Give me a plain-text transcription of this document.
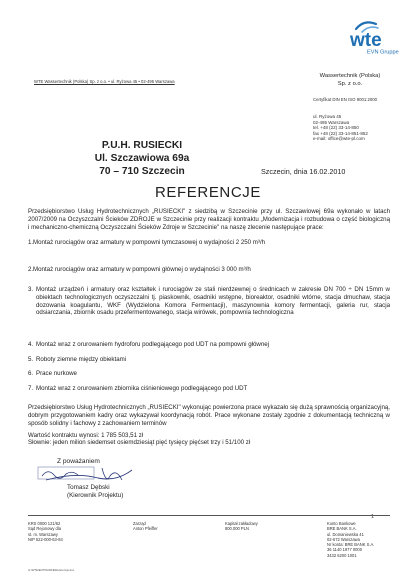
WTE Wassertechnik (Polska) Sp. z o.o. • ul. Ryżowa 45 • 02-495 Warszawa
wte
EVN Gruppe
Wassertechnik (Polska)
Sp. z o.o.
Certyfikat DIN EN ISO 9001:2000
ul. Ryżowa 45
02-495 Warszawa
tel. +48 (22) 33-14-850
fax +48 (22) 33-14-851-852
e-mail: office@wte-pl.com
P.U.H. RUSIECKI
Ul. Szczawiowa 69a
70 – 710 Szczecin	Szczecin, dnia 16.02.2010
REFERENCJE
Przedsiębiorstwo Usług Hydrotechnicznych „RUSIECKI" z siedzibą w Szczecinie przy ul. Szczawiowej 69a wykonało w latach 2007/2009 na Oczyszczalni Ścieków ZDROJE w Szczecinie przy realizacji kontraktu „Modernizacja i rozbudowa o część biologiczną i mechaniczno-chemiczną Oczyszczalni Ścieków Zdroje w Szczecinie" na naszę zlecenie następujące prace:
1. Montaż rurociągów oraz armatury w pompowni tymczasowej o wydajności 2 250 m³/h
2. Montaż rurociągów oraz armatury w pompowni głównej o wydajności 3 000 m³/h
3. Montaż urządzeń i armatury oraz kształtek i rurociągów ze stali nierdzewnej o średnicach w zakresie DN 700 ÷ DN 15mm w obiektach technologicznych oczyszczalni tj. piaskownik, osadniki wstępne, bioreaktor, osadniki wtórne, stacja dmuchaw, stacja dozowania koagulantu, WKF (Wydzielona Komora Fermentacji), maszynownia komory fermentacji, galeria rur, stacja odsiarczania, zbiornik osadu przefermentowanego, stacja wirówek, pompownia technologiczna
4. Montaż wraz z orurowaniem hydroforu podlegającego pod UDT na pompowni głównej
5. Roboty ziemne między obiektami
6. Prace nurkowe
7. Montaż wraz z orurowaniem zbiornika ciśnieniowego podlegającego pod UDT
Przedsiębiorstwo Usług Hydrotechnicznych „RUSIECKI" wykonując powierzona prace wykazało się dużą sprawnością organizacyjną, dobrym przygotowaniem kadry oraz wykazywał koordynacją robót. Prace wykonane zostały zgodnie z dokumentacją techniczną w sposób solidny i fachowy z zachowaniem terminów
Wartość kontraktu wynosi: 1 785 503,51 zł
Słownie: jeden milion siedemset osiemdziesiąt pięć tysięcy pięćset trzy i 51/100 zł
Z poważaniem
Tomasz Dębski
(Kierownik Projektu)
1
KRS 0000 121/62
Sąd Rejonowy dla
st. m. Warszawy
NIP 522-000-63-84
Zarząd
Anton Pfeiffer
Kapitał zakładowy
800.000 PLN
Konto Bankowe
BRE BANK S.A.
ul. Domaniewska 41
02-672 Warszawa
Nr konta: BRE BANK S.A.
36 1140 1977 0000
3432 6200 1001
G:\WTE\ENTWURFE\Referencje.doc
